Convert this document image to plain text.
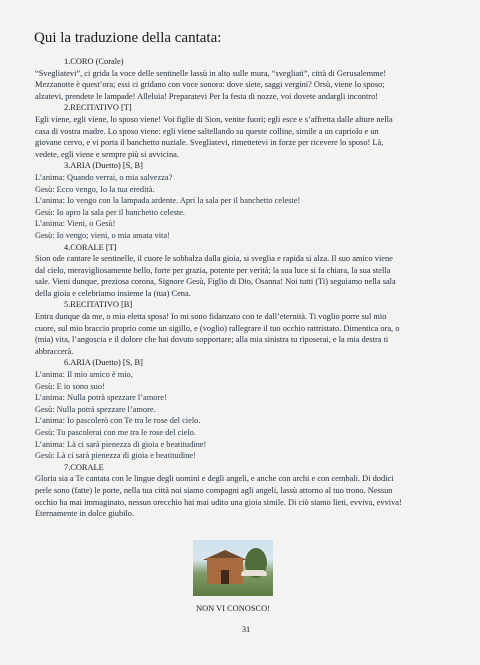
Qui la traduzione della cantata:
1.CORO (Corale)
“Svegliatevi”, ci grida la voce delle sentinelle lassù in alto sulle mura, “svegliati”, città di Gerusalemme!
Mezzanotte è quest’ora; essi ci gridano con voce sonora: dove siete, saggi vergini? Orsù, viene lo sposo;
alzatevi, prendete le lampade! Alleluia! Preparatevi Per la festa di nozze, voi dovete andargli incontro!
2.RECITATIVO [T]
Egli viene, egli viene, lo sposo viene! Voi figlie di Sion, venite fuori; egli esce e s’affretta dalle alture nella
casa di vostra madre. Lo sposo viene: egli viene saltellando su queste colline, simile a un capriolo e un
giovane cervo, e vi porta il banchetto nuziale. Svegliatevi, rimettetevi in forze per ricevere lo sposo! Là,
vedete, egli viene e sempre più si avvicina.
3.ARIA (Duetto) [S, B]
L’anima: Quando verrai, o mia salvezza?
Gesù: Ecco vengo, Io la tua eredità.
L’anima: Io vengo con la lampada ardente. Apri la sala per il banchetto celeste!
Gesù: Io apro la sala per il banchetto celeste.
L’anima: Vieni, o Gesù!
Gesù: Io vengo; vieni, o mia amata vita!
4.CORALE [T]
Sion ode cantare le sentinelle, il cuore le sobbalza dalla gioia, si sveglia e rapida si alza. Il suo amico viene
dal cielo, meravigliosamente bello, forte per grazia, potente per verità; la sua luce si fa chiara, la sua stella
sale. Vieni dunque, preziosa corona, Signore Gesù, Figlio di Dio, Osanna! Noi tutti (Ti) seguiamo nella sala
della gioia e celebriamo insieme la (tua) Cena.
5.RECITATIVO [B]
Entra dunque da me, o mia eletta sposa! Io mi sono fidanzato con te dall’eternità. Ti voglio porre sul mio
cuore, sul mio braccio proprio come un sigillo, e (voglio) rallegrare il tuo occhio rattristato. Dimentica ora, o
(mia) vita, l’angoscia e il dolore che hai dovuto sopportare; alla mia sinistra tu riposerai, e la mia destra ti
abbraccerà.
6.ARIA (Duetto) [S, B]
L’anima: Il mio amico è mio,
Gesù: E io sono suo!
L’anima: Nulla potrà spezzare l’amore!
Gesù: Nulla potrà spezzare l’amore.
L’anima: Io pascolerò con Te tra le rose del cielo.
Gesù: Tu pascolerai con me tra le rose del cielo.
L’anima: Là ci sarà pienezza di gioia e beatitudine!
Gesù: Là ci sarà pienezza di gioia e beatitudine!
7.CORALE
Gloria sia a Te cantata con le lingue degli uomini e degli angeli, e anche con archi e con cembali. Di dodici
perle sono (fatte) le porte, nella tua città noi siamo compagni agli angeli, lassù attorno al tuo trono. Nessun
occhio ha mai immaginato, nessun orecchio hai mai udito una gioia simile. Di ciò siamo lieti, evviva, evviva!
Eternamente in dolce giubilo.
NON VI CONOSCO!
31
